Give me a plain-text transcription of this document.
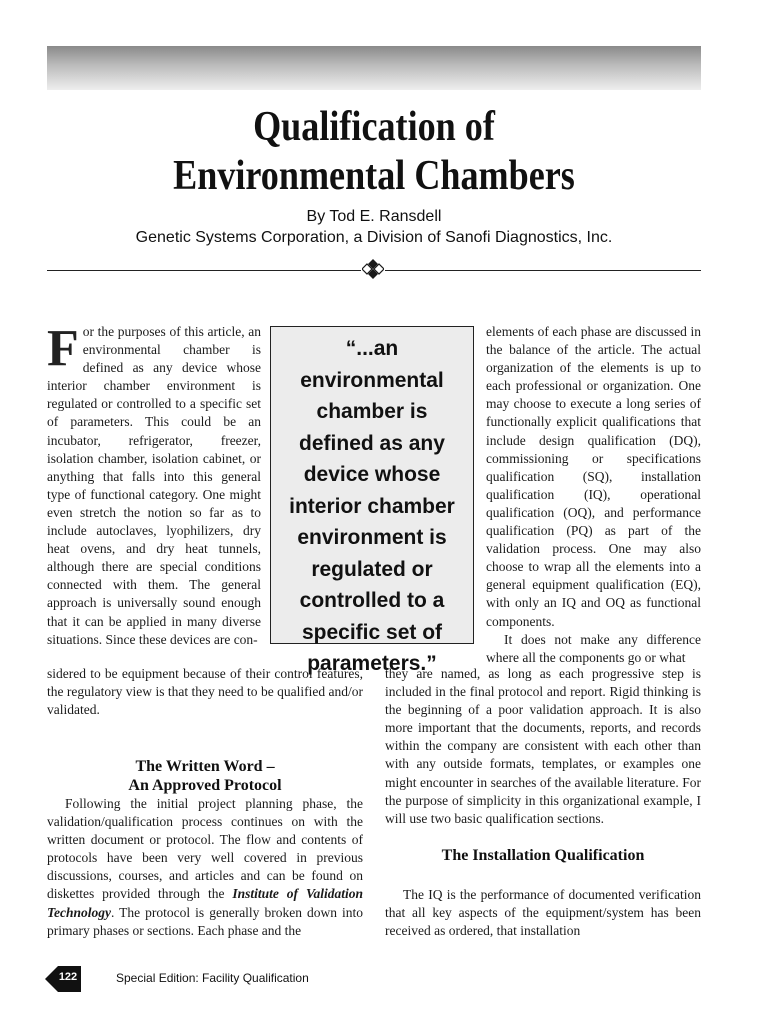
Qualification of
Environmental Chambers
By Tod E. Ransdell
Genetic Systems Corporation, a Division of Sanofi Diagnostics, Inc.
For the purposes of this article, an environmental chamber is defined as any device whose interior chamber environment is regulated or controlled to a specific set of parameters. This could be an incubator, refrigerator, freezer, isolation chamber, isolation cabinet, or anything that falls into this general type of functional category. One might even stretch the notion so far as to include autoclaves, lyophilizers, dry heat ovens, and dry heat tunnels, although there are special conditions connected with them. The general approach is universally sound enough that it can be applied in many diverse situations. Since these devices are con-
“...an environmental chamber is defined as any device whose interior chamber environment is regulated or controlled to a specific set of parameters.”

elements of each phase are discussed in the balance of the article. The actual organization of the elements is up to each professional or organization. One may choose to execute a long series of functionally explicit qualifications that include design qualification (DQ), commissioning or specifications qualification (SQ), installation qualification (IQ), operational qualification (OQ), and performance qualification (PQ) as part of the validation process. One may also choose to wrap all the elements into a general equipment qualification (EQ), with only an IQ and OQ as functional components.

It does not make any difference where all the components go or what

sidered to be equipment because of their control features, the regulatory view is that they need to be qualified and/or validated.

The Written Word –
An Approved Protocol

Following the initial project planning phase, the validation/qualification process continues on with the written document or protocol. The flow and contents of protocols have been very well covered in previous discussions, courses, and articles and can be found on diskettes provided through the Institute of Validation Technology. The protocol is generally broken down into primary phases or sections. Each phase and the

they are named, as long as each progressive step is included in the final protocol and report. Rigid thinking is the beginning of a poor validation approach. It is also more important that the documents, reports, and records within the company are consistent with each other than with any outside formats, templates, or examples one might encounter in searches of the available literature. For the purpose of simplicity in this organizational example, I will use two basic qualification sections.

The Installation Qualification

The IQ is the performance of documented verification that all key aspects of the equipment/system has been received as ordered, that installation

122	Special Edition: Facility Qualification
